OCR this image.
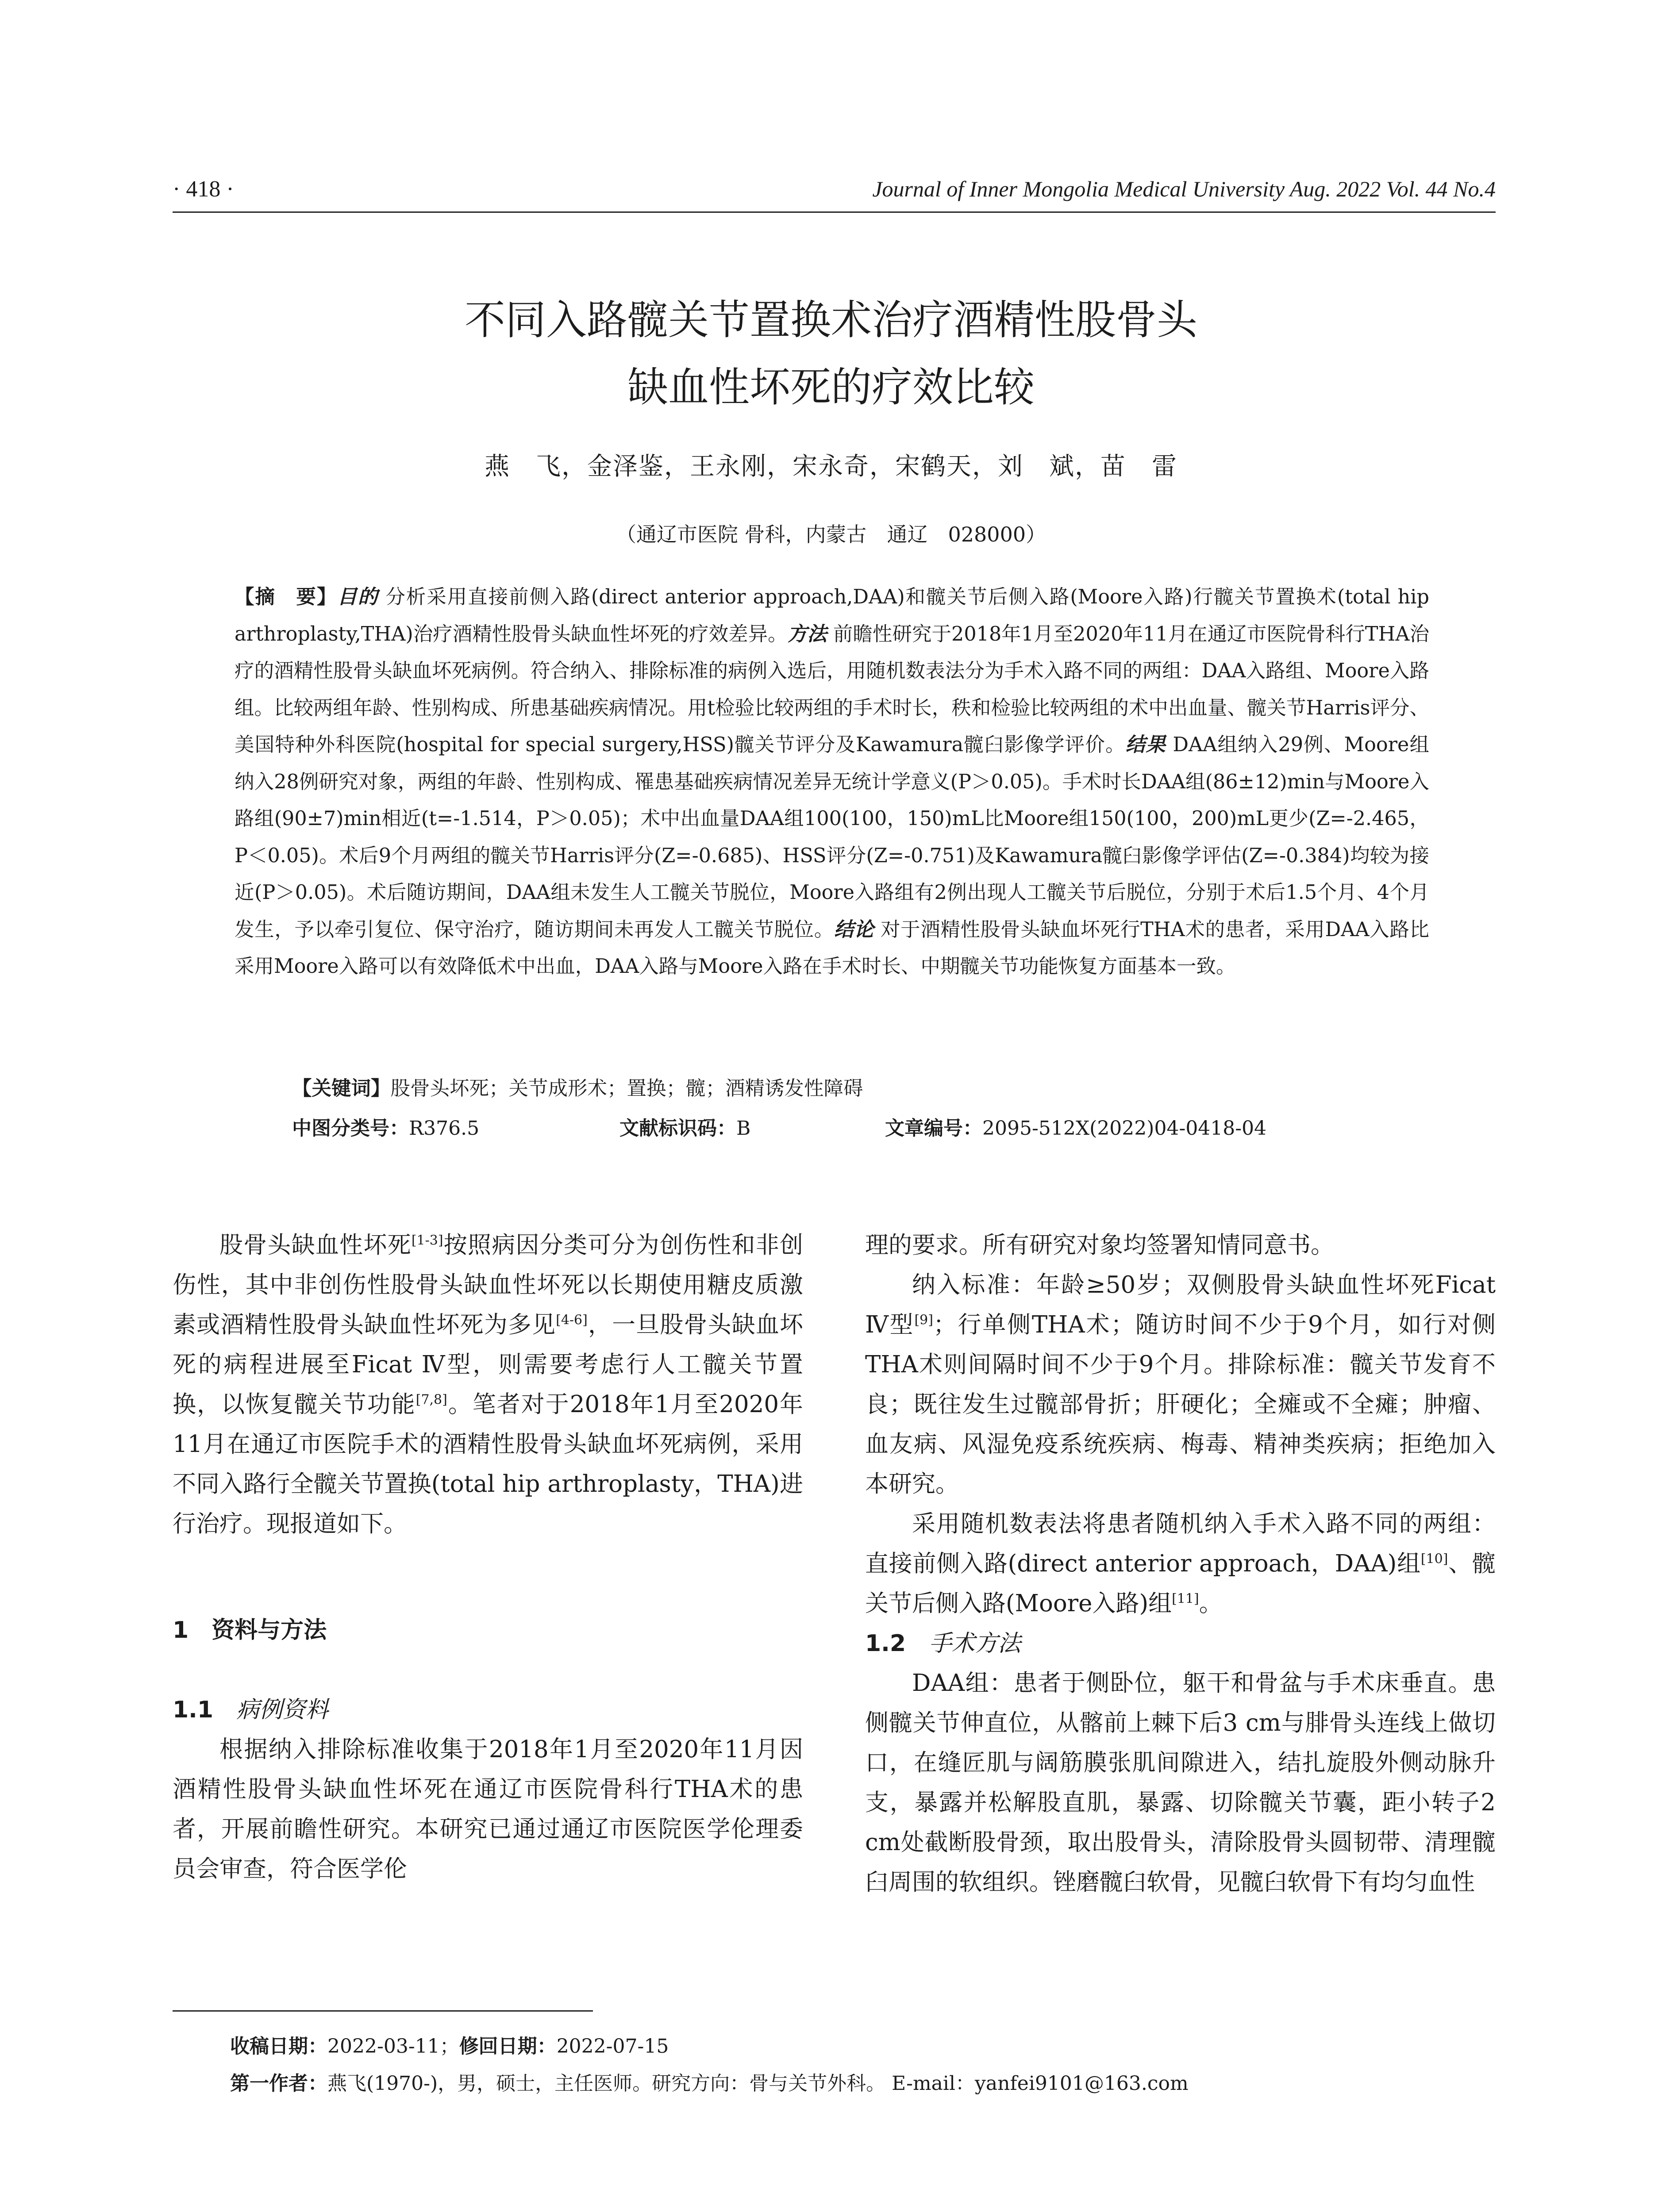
· 418 ·	Journal of Inner Mongolia Medical University Aug. 2022 Vol. 44 No.4
不同入路髋关节置换术治疗酒精性股骨头
缺血性坏死的疗效比较
燕　飞，金泽鉴，王永刚，宋永奇，宋鹤天，刘　斌，苗　雷
（通辽市医院 骨科，内蒙古　通辽　028000）
【摘　要】目的 分析采用直接前侧入路(direct anterior approach,DAA)和髋关节后侧入路(Moore入路)行髋关节置换术(total hip arthroplasty,THA)治疗酒精性股骨头缺血性坏死的疗效差异。方法 前瞻性研究于2018年1月至2020年11月在通辽市医院骨科行THA治疗的酒精性股骨头缺血坏死病例。符合纳入、排除标准的病例入选后，用随机数表法分为手术入路不同的两组：DAA入路组、Moore入路组。比较两组年龄、性别构成、所患基础疾病情况。用t检验比较两组的手术时长，秩和检验比较两组的术中出血量、髋关节Harris评分、美国特种外科医院(hospital for special surgery,HSS)髋关节评分及Kawamura髋臼影像学评价。结果 DAA组纳入29例、Moore组纳入28例研究对象，两组的年龄、性别构成、罹患基础疾病情况差异无统计学意义(P＞0.05)。手术时长DAA组(86±12)min与Moore入路组(90±7)min相近(t=-1.514，P＞0.05)；术中出血量DAA组100(100，150)mL比Moore组150(100，200)mL更少(Z=-2.465，P＜0.05)。术后9个月两组的髋关节Harris评分(Z=-0.685)、HSS评分(Z=-0.751)及Kawamura髋臼影像学评估(Z=-0.384)均较为接近(P＞0.05)。术后随访期间，DAA组未发生人工髋关节脱位，Moore入路组有2例出现人工髋关节后脱位，分别于术后1.5个月、4个月发生，予以牵引复位、保守治疗，随访期间未再发人工髋关节脱位。结论 对于酒精性股骨头缺血坏死行THA术的患者，采用DAA入路比采用Moore入路可以有效降低术中出血，DAA入路与Moore入路在手术时长、中期髋关节功能恢复方面基本一致。
【关键词】股骨头坏死；关节成形术；置换；髋；酒精诱发性障碍
中图分类号：R376.5	文献标识码：B	文章编号：2095-512X(2022)04-0418-04

股骨头缺血性坏死[1-3]按照病因分类可分为创伤性和非创伤性，其中非创伤性股骨头缺血性坏死以长期使用糖皮质激素或酒精性股骨头缺血性坏死为多见[4-6]，一旦股骨头缺血坏死的病程进展至Ficat Ⅳ型，则需要考虑行人工髋关节置换，以恢复髋关节功能[7,8]。笔者对于2018年1月至2020年11月在通辽市医院手术的酒精性股骨头缺血坏死病例，采用不同入路行全髋关节置换(total hip arthroplasty，THA)进行治疗。现报道如下。

1　资料与方法

1.1　 病例资料

根据纳入排除标准收集于2018年1月至2020年11月因酒精性股骨头缺血性坏死在通辽市医院骨科行THA术的患者，开展前瞻性研究。本研究已通过通辽市医院医学伦理委员会审查，符合医学伦

理的要求。所有研究对象均签署知情同意书。

纳入标准：年龄≥50岁；双侧股骨头缺血性坏死Ficat Ⅳ型[9]；行单侧THA术；随访时间不少于9个月，如行对侧THA术则间隔时间不少于9个月。排除标准：髋关节发育不良；既往发生过髋部骨折；肝硬化；全瘫或不全瘫；肿瘤、血友病、风湿免疫系统疾病、梅毒、精神类疾病；拒绝加入本研究。

采用随机数表法将患者随机纳入手术入路不同的两组：直接前侧入路(direct anterior approach，DAA)组[10]、髋关节后侧入路(Moore入路)组[11]。

1.2　 手术方法

DAA组：患者于侧卧位，躯干和骨盆与手术床垂直。患侧髋关节伸直位，从髂前上棘下后3 cm与腓骨头连线上做切口，在缝匠肌与阔筋膜张肌间隙进入，结扎旋股外侧动脉升支，暴露并松解股直肌，暴露、切除髋关节囊，距小转子2 cm处截断股骨颈，取出股骨头，清除股骨头圆韧带、清理髋臼周围的软组织。锉磨髋臼软骨，见髋臼软骨下有均匀血性

收稿日期：2022-03-11；修回日期：2022-07-15
第一作者：燕飞(1970-)，男，硕士，主任医师。研究方向：骨与关节外科。 E-mail：yanfei9101@163.com
